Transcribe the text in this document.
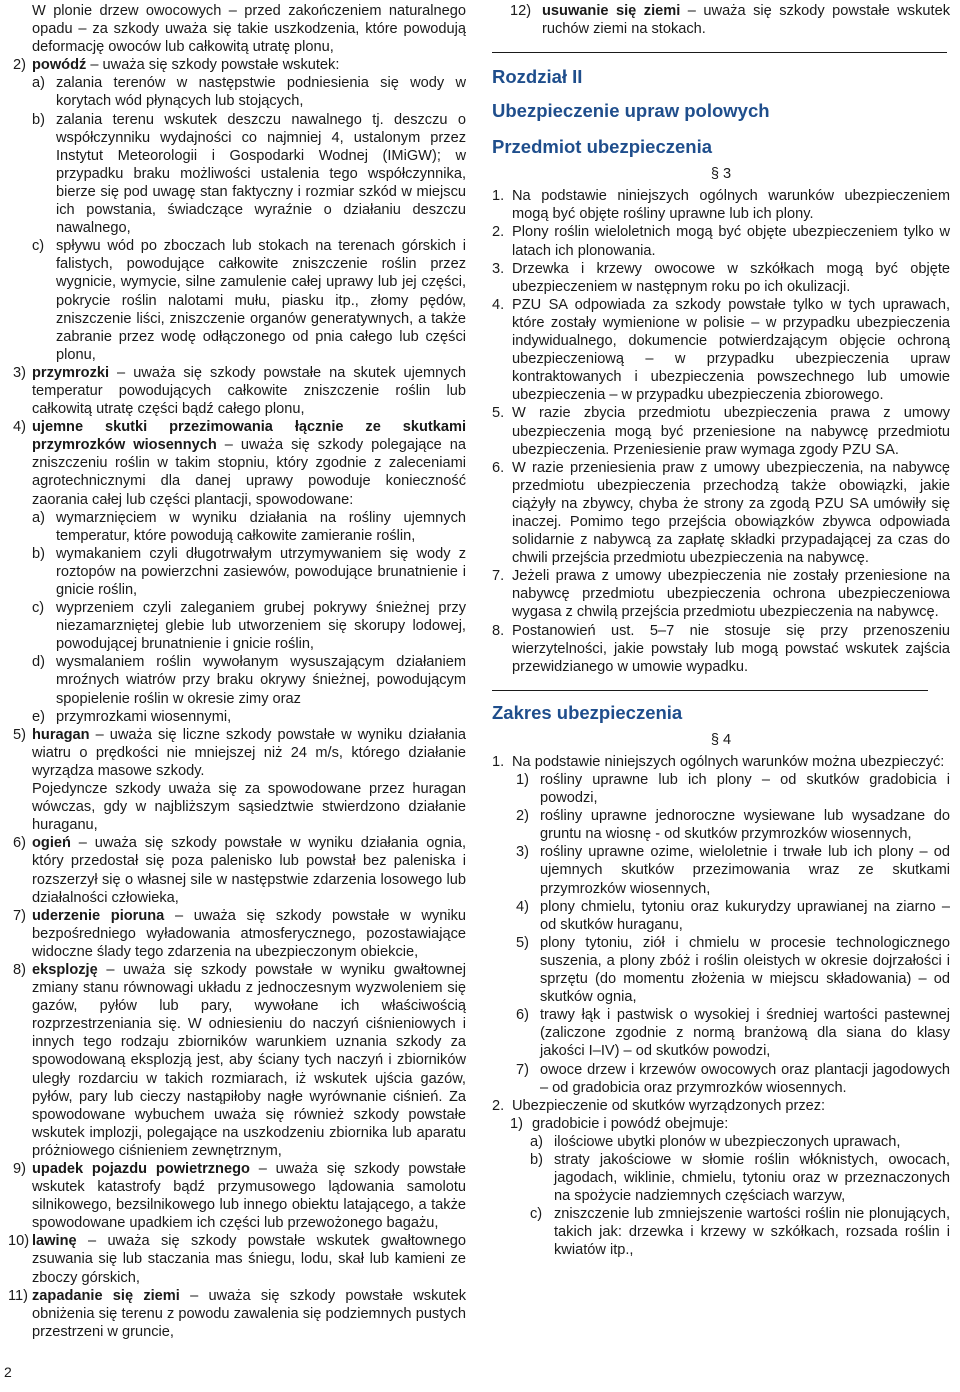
W plonie drzew owocowych – przed zakończeniem naturalnego opadu – za szkody uważa się takie uszkodzenia, które powodują deformację owoców lub całkowitą utratę plonu,
2) powódź – uważa się szkody powstałe wskutek:
a) zalania terenów w następstwie podniesienia się wody w korytach wód płynących lub stojących,
b) zalania terenu wskutek deszczu nawalnego tj. deszczu o współczynniku wydajności co najmniej 4, ustalonym przez Instytut Meteorologii i Gospodarki Wodnej (IMiGW); w przypadku braku możliwości ustalenia tego współczynnika, bierze się pod uwagę stan faktyczny i rozmiar szkód w miejscu ich powstania, świadczące wyraźnie o działaniu deszczu nawalnego,
c) spływu wód po zboczach lub stokach na terenach górskich i falistych, powodujące całkowite zniszczenie roślin przez wygnicie, wymycie, silne zamulenie całej uprawy lub jej części, pokrycie roślin nalotami mułu, piasku itp., złomy pędów, zniszczenie liści, zniszczenie organów generatywnych, a także zabranie przez wodę odłączonego od pnia całego lub części plonu,
3) przymrozki – uważa się szkody powstałe na skutek ujemnych temperatur powodujących całkowite zniszczenie roślin lub całkowitą utratę części bądź całego plonu,
4) ujemne skutki przezimowania łącznie ze skutkami przymrozków wiosennych – uważa się szkody polegające na zniszczeniu roślin w takim stopniu, który zgodnie z zaleceniami agrotechnicznymi dla danej uprawy powoduje konieczność zaorania całej lub części plantacji, spowodowane:
a) wymarznięciem w wyniku działania na rośliny ujemnych temperatur, które powodują całkowite zamieranie roślin,
b) wymakaniem czyli długotrwałym utrzymywaniem się wody z roztopów na powierzchni zasiewów, powodujące brunatnienie i gnicie roślin,
c) wyprzeniem czyli zaleganiem grubej pokrywy śnieżnej przy niezamarzniętej glebie lub utworzeniem się skorupy lodowej, powodującej brunatnienie i gnicie roślin,
d) wysmalaniem roślin wywołanym wysuszającym działaniem mroźnych wiatrów przy braku okrywy śnieżnej, powodującym spopielenie roślin w okresie zimy oraz
e) przymrozkami wiosennymi,
5) huragan – uważa się liczne szkody powstałe w wyniku działania wiatru o prędkości nie mniejszej niż 24 m/s, którego działanie wyrządza masowe szkody.
Pojedyncze szkody uważa się za spowodowane przez huragan wówczas, gdy w najbliższym sąsiedztwie stwierdzono działanie huraganu,
6) ogień – uważa się szkody powstałe w wyniku działania ognia, który przedostał się poza palenisko lub powstał bez paleniska i rozszerzył się o własnej sile w następstwie zdarzenia losowego lub działalności człowieka,
7) uderzenie pioruna – uważa się szkody powstałe w wyniku bezpośredniego wyładowania atmosferycznego, pozostawiające widoczne ślady tego zdarzenia na ubezpieczonym obiekcie,
8) eksplozję – uważa się szkody powstałe w wyniku gwałtownej zmiany stanu równowagi układu z jednoczesnym wyzwoleniem się gazów, pyłów lub pary, wywołane ich właściwością rozprzestrzeniania się. W odniesieniu do naczyń ciśnieniowych i innych tego rodzaju zbiorników warunkiem uznania szkody za spowodowaną eksplozją jest, aby ściany tych naczyń i zbiorników uległy rozdarciu w takich rozmiarach, iż wskutek ujścia gazów, pyłów, pary lub cieczy nastąpiłoby nagłe wyrównanie ciśnień. Za spowodowane wybuchem uważa się również szkody powstałe wskutek implozji, polegające na uszkodzeniu zbiornika lub aparatu próżniowego ciśnieniem zewnętrznym,
9) upadek pojazdu powietrznego – uważa się szkody powstałe wskutek katastrofy bądź przymusowego lądowania samolotu silnikowego, bezsilnikowego lub innego obiektu latającego, a także spowodowane upadkiem ich części lub przewożonego bagażu,
10) lawinę – uważa się szkody powstałe wskutek gwałtownego zsuwania się lub staczania mas śniegu, lodu, skał lub kamieni ze zboczy górskich,
11) zapadanie się ziemi – uważa się szkody powstałe wskutek obniżenia się terenu z powodu zawalenia się podziemnych pustych przestrzeni w gruncie,
12) usuwanie się ziemi – uważa się szkody powstałe wskutek ruchów ziemi na stokach.
Rozdział II
Ubezpieczenie upraw polowych
Przedmiot ubezpieczenia
§ 3
1. Na podstawie niniejszych ogólnych warunków ubezpieczeniem mogą być objęte rośliny uprawne lub ich plony.
2. Plony roślin wieloletnich mogą być objęte ubezpieczeniem tylko w latach ich plonowania.
3. Drzewka i krzewy owocowe w szkółkach mogą być objęte ubezpieczeniem w następnym roku po ich okulizacji.
4. PZU SA odpowiada za szkody powstałe tylko w tych uprawach, które zostały wymienione w polisie – w przypadku ubezpieczenia indywidualnego, dokumencie potwierdzającym objęcie ochroną ubezpieczeniową – w przypadku ubezpieczenia upraw kontraktowanych i ubezpieczenia powszechnego lub umowie ubezpieczenia – w przypadku ubezpieczenia zbiorowego.
5. W razie zbycia przedmiotu ubezpieczenia prawa z umowy ubezpieczenia mogą być przeniesione na nabywcę przedmiotu ubezpieczenia. Przeniesienie praw wymaga zgody PZU SA.
6. W razie przeniesienia praw z umowy ubezpieczenia, na nabywcę przedmiotu ubezpieczenia przechodzą także obowiązki, jakie ciążyły na zbywcy, chyba że strony za zgodą PZU SA umówiły się inaczej. Pomimo tego przejścia obowiązków zbywca odpowiada solidarnie z nabywcą za zapłatę składki przypadającej za czas do chwili przejścia przedmiotu ubezpieczenia na nabywcę.
7. Jeżeli prawa z umowy ubezpieczenia nie zostały przeniesione na nabywcę przedmiotu ubezpieczenia ochrona ubezpieczeniowa wygasa z chwilą przejścia przedmiotu ubezpieczenia na nabywcę.
8. Postanowień ust. 5–7 nie stosuje się przy przenoszeniu wierzytelności, jakie powstały lub mogą powstać wskutek zajścia przewidzianego w umowie wypadku.
Zakres ubezpieczenia
§ 4
1. Na podstawie niniejszych ogólnych warunków można ubezpieczyć:
1) rośliny uprawne lub ich plony – od skutków gradobicia i powodzi,
2) rośliny uprawne jednoroczne wysiewane lub wysadzane do gruntu na wiosnę - od skutków przymrozków wiosennych,
3) rośliny uprawne ozime, wieloletnie i trwałe lub ich plony – od ujemnych skutków przezimowania wraz ze skutkami przymrozków wiosennych,
4) plony chmielu, tytoniu oraz kukurydzy uprawianej na ziarno – od skutków huraganu,
5) plony tytoniu, ziół i chmielu w procesie technologicznego suszenia, a plony zbóż i roślin oleistych w okresie dojrzałości i sprzętu (do momentu złożenia w miejscu składowania) – od skutków ognia,
6) trawy łąk i pastwisk o wysokiej i średniej wartości pastewnej (zaliczone zgodnie z normą branżową dla siana do klasy jakości I–IV) – od skutków powodzi,
7) owoce drzew i krzewów owocowych oraz plantacji jagodowych – od gradobicia oraz przymrozków wiosennych.
2. Ubezpieczenie od skutków wyrządzonych przez:
1) gradobicie i powódź obejmuje:
a) ilościowe ubytki plonów w ubezpieczonych uprawach,
b) straty jakościowe w słomie roślin włóknistych, owocach, jagodach, wiklinie, chmielu, tytoniu oraz w przeznaczonych na spożycie nadziemnych częściach warzyw,
c) zniszczenie lub zmniejszenie wartości roślin nie plonujących, takich jak: drzewka i krzewy w szkółkach, rozsada roślin i kwiatów itp.,
2
